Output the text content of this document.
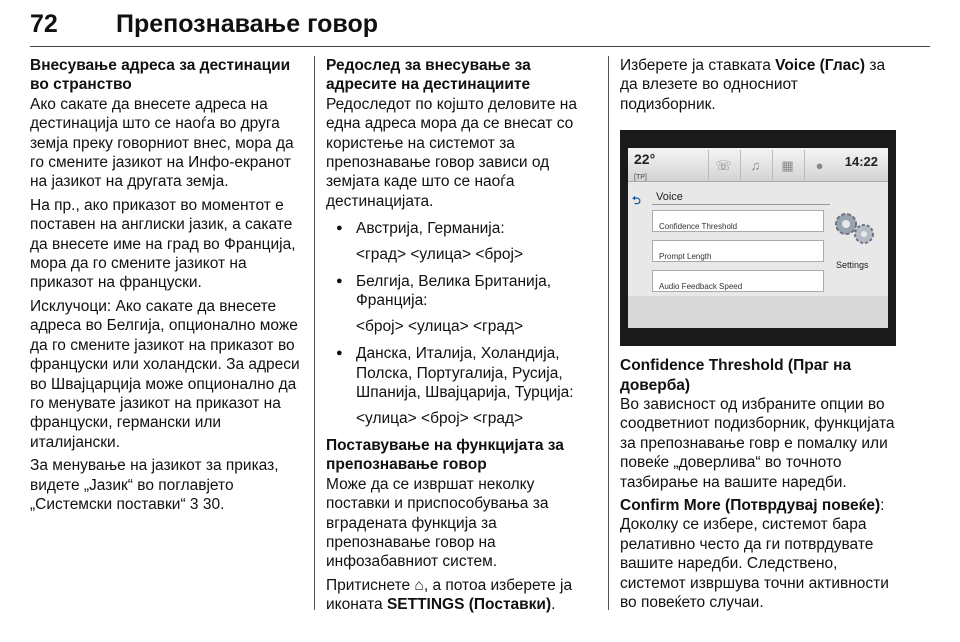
72 Препознавање говор
Внесување адреса за дестинации во странство
Ако сакате да внесете адреса на дестинација што се наоѓа во друга земја преку говорниот внес, мора да го смените јазикот на Инфо-екранот на јазикот на другата земја.
На пр., ако приказот во моментот е поставен на англиски јазик, а сакате да внесете име на град во Франција, мора да го смените јазикот на приказот на француски.
Исклучоци: Ако сакате да внесете адреса во Белгија, опционално може да го смените јазикот на приказот во француски или холандски. За адреси во Швајцарција може опционално да го менувате јазикот на приказот на француски, германски или италијански.
За менување на јазикот за приказ, видете „Јазик“ во поглавјето „Системски поставки“ 3 30.
Редослед за внесување за адресите на дестинациите
Редоследот по којшто деловите на една адреса мора да се внесат со користење на системот за препознавање говор зависи од земјата каде што се наоѓа дестинацијата.
● Австрија, Германија:
<град> <улица> <број>
● Белгија, Велика Британија, Франција:
<број> <улица> <град>
● Данска, Италија, Холандија, Полска, Португалија, Русија, Шпанија, Швајцарија, Турција:
<улица> <број> <град>
Поставување на функцијата за препознавање говор
Може да се извршат неколку поставки и приспособувања за вградената функција за препознавање говор на инфозабавниот систем.
Притиснете ⌂, а потоа изберете ја иконата SETTINGS (Поставки).
Изберете ја ставката Voice (Глас) за да влезете во односниот подизборник.
22°
[TP]
☏	♫	▦	●	14:22
⮌	Voice
Confidence Threshold
Prompt Length
Audio Feedback Speed
Settings
Confidence Threshold (Праг на доверба)
Во зависност од избраните опции во соодветниот подизборник, функцијата за препознавање говр е помалку или повеќе „доверлива“ во точното тазбирање на вашите наредби.
Confirm More (Потврдувај повеќе): Доколку се избере, системот бара релативно често да ги потврдувате вашите наредби. Следствено, системот извршува точни активности во повеќето случаи.
